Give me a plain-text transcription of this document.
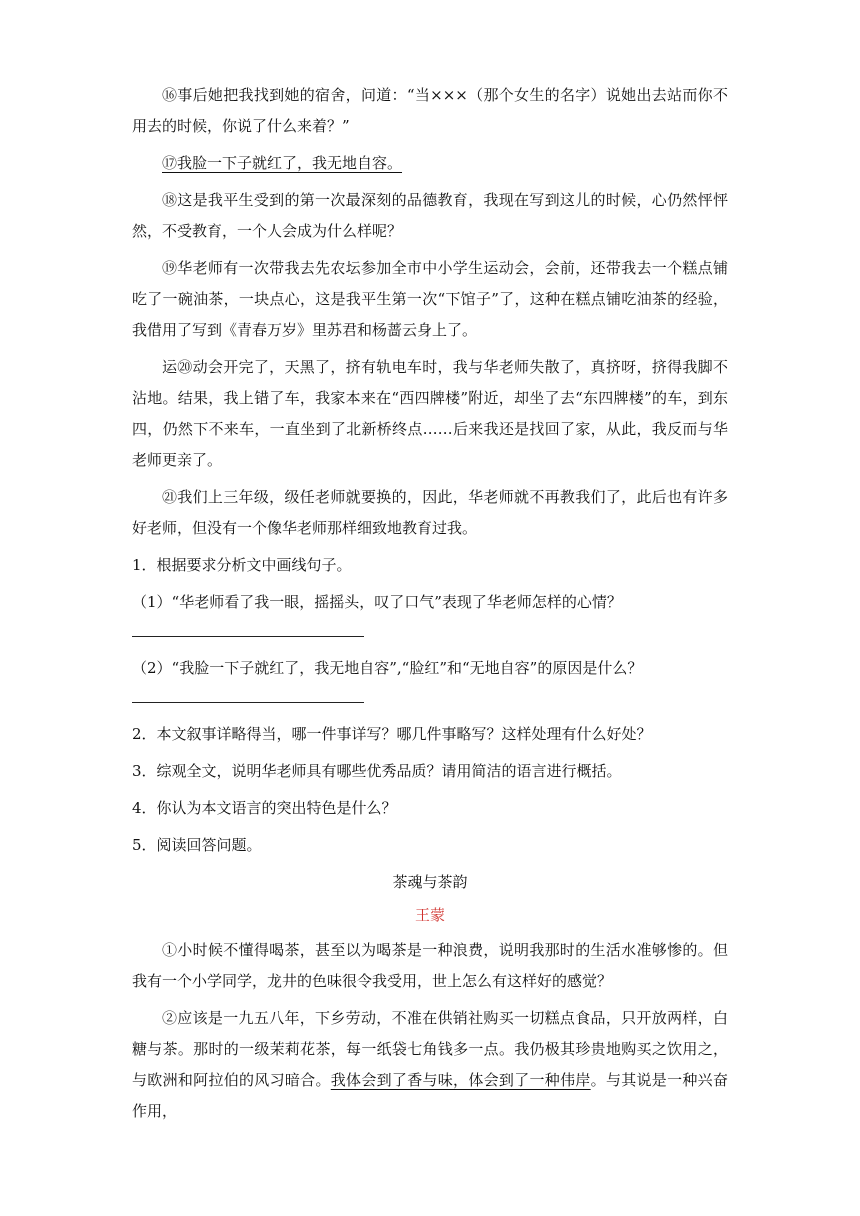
⑯事后她把我找到她的宿舍，问道：“当×××（那个女生的名字）说她出去站而你不用去的时候，你说了什么来着？”

⑰我脸一下子就红了，我无地自容。

⑱这是我平生受到的第一次最深刻的品德教育，我现在写到这儿的时候，心仍然怦怦然，不受教育，一个人会成为什么样呢？

⑲华老师有一次带我去先农坛参加全市中小学生运动会，会前，还带我去一个糕点铺吃了一碗油茶，一块点心，这是我平生第一次“下馆子”了，这种在糕点铺吃油茶的经验，我借用了写到《青春万岁》里苏君和杨蔷云身上了。

运⑳动会开完了，天黑了，挤有轨电车时，我与华老师失散了，真挤呀，挤得我脚不沾地。结果，我上错了车，我家本来在“西四牌楼”附近，却坐了去“东四牌楼”的车，到东四，仍然下不来车，一直坐到了北新桥终点……后来我还是找回了家，从此，我反而与华老师更亲了。

㉑我们上三年级，级任老师就要换的，因此，华老师就不再教我们了，此后也有许多好老师，但没有一个像华老师那样细致地教育过我。

1．根据要求分析文中画线句子。

（1）“华老师看了我一眼，摇摇头，叹了口气”表现了华老师怎样的心情？

（2）“我脸一下子就红了，我无地自容”,“脸红”和“无地自容”的原因是什么？

2．本文叙事详略得当，哪一件事详写？哪几件事略写？这样处理有什么好处？

3．综观全文，说明华老师具有哪些优秀品质？请用简洁的语言进行概括。

4．你认为本文语言的突出特色是什么？

5．阅读回答问题。

茶魂与茶韵
王蒙

①小时候不懂得喝茶，甚至以为喝茶是一种浪费，说明我那时的生活水准够惨的。但我有一个小学同学，龙井的色味很令我受用，世上怎么有这样好的感觉？

②应该是一九五八年，下乡劳动，不准在供销社购买一切糕点食品，只开放两样，白糖与茶。那时的一级茉莉花茶，每一纸袋七角钱多一点。我仍极其珍贵地购买之饮用之，与欧洲和阿拉伯的风习暗合。我体会到了香与味，体会到了一种伟岸。与其说是一种兴奋作用，
